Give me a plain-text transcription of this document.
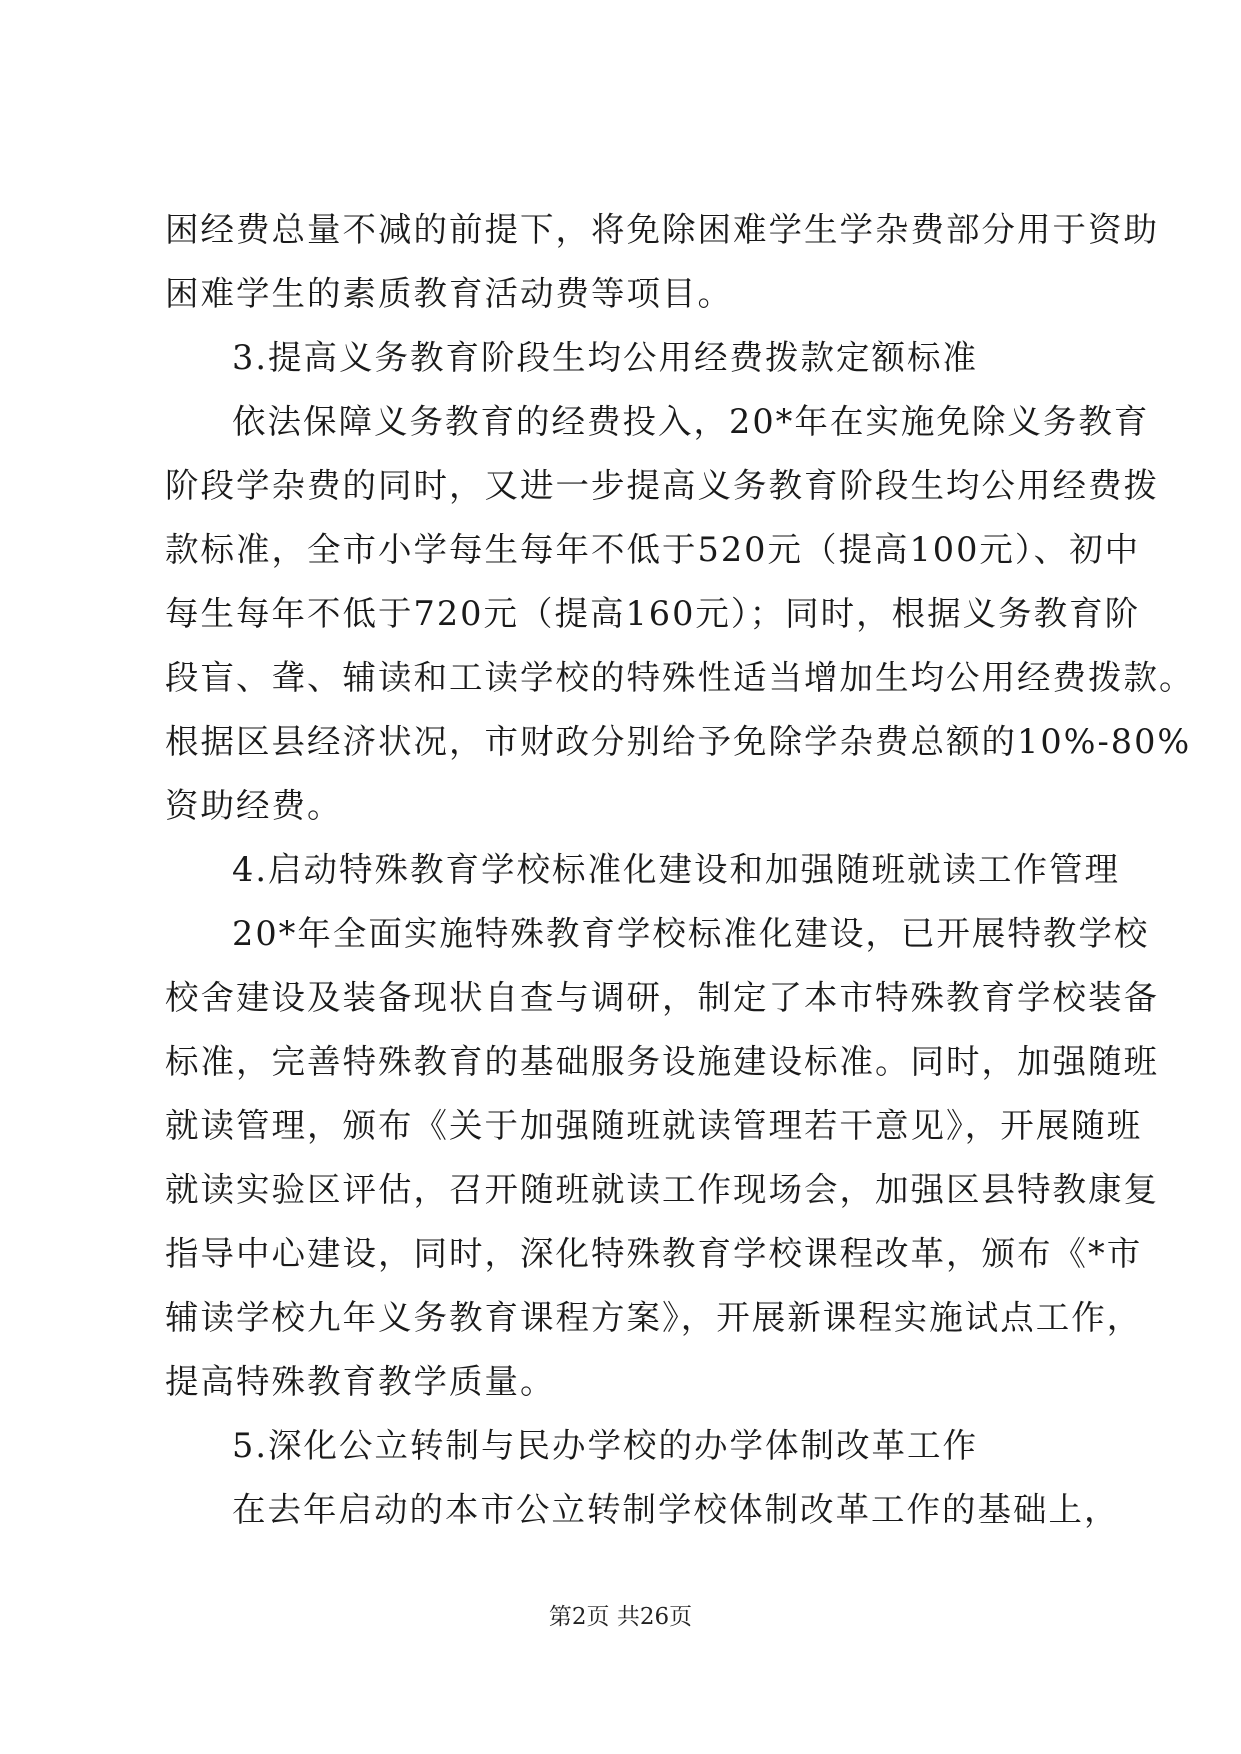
困经费总量不减的前提下，将免除困难学生学杂费部分用于资助
困难学生的素质教育活动费等项目。
3.提高义务教育阶段生均公用经费拨款定额标准
依法保障义务教育的经费投入，20*年在实施免除义务教育
阶段学杂费的同时，又进一步提高义务教育阶段生均公用经费拨
款标准，全市小学每生每年不低于520元（提高100元）、初中
每生每年不低于720元（提高160元）；同时，根据义务教育阶
段盲、聋、辅读和工读学校的特殊性适当增加生均公用经费拨款。
根据区县经济状况，市财政分别给予免除学杂费总额的10%-80%
资助经费。
4.启动特殊教育学校标准化建设和加强随班就读工作管理
20*年全面实施特殊教育学校标准化建设，已开展特教学校
校舍建设及装备现状自查与调研，制定了本市特殊教育学校装备
标准，完善特殊教育的基础服务设施建设标准。同时，加强随班
就读管理，颁布《关于加强随班就读管理若干意见》，开展随班
就读实验区评估，召开随班就读工作现场会，加强区县特教康复
指导中心建设，同时，深化特殊教育学校课程改革，颁布《*市
辅读学校九年义务教育课程方案》，开展新课程实施试点工作，
提高特殊教育教学质量。
5.深化公立转制与民办学校的办学体制改革工作
在去年启动的本市公立转制学校体制改革工作的基础上，
第2页 共26页
